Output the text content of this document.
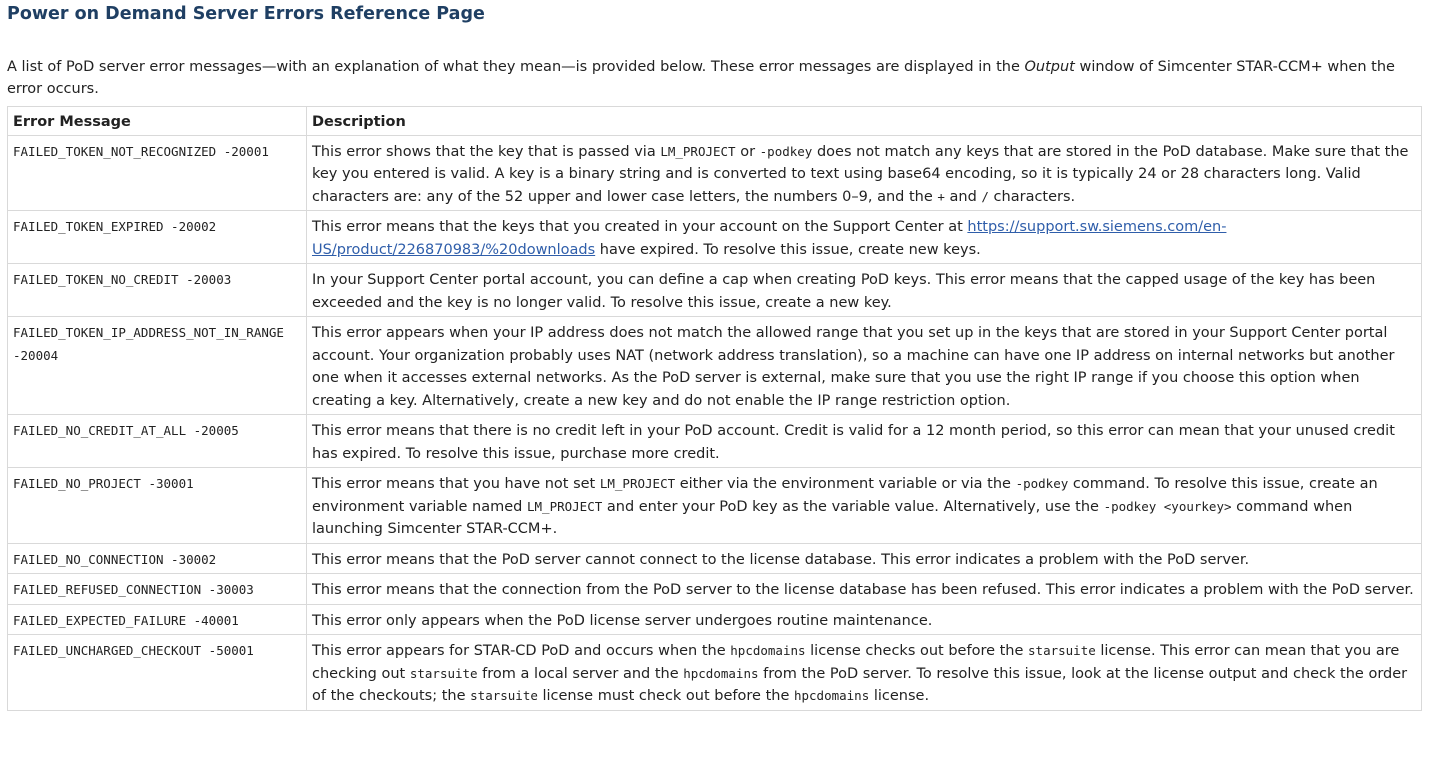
Power on Demand Server Errors Reference Page

A list of PoD server error messages—with an explanation of what they mean—is provided below. These error messages are displayed in the Output window of Simcenter STAR-CCM+ when the error occurs.

Error Message	Description
FAILED_TOKEN_NOT_RECOGNIZED -20001	This error shows that the key that is passed via LM_PROJECT or -podkey does not match any keys that are stored in the PoD database. Make sure that the key you entered is valid. A key is a binary string and is converted to text using base64 encoding, so it is typically 24 or 28 characters long. Valid characters are: any of the 52 upper and lower case letters, the numbers 0–9, and the + and / characters.
FAILED_TOKEN_EXPIRED -20002	This error means that the keys that you created in your account on the Support Center at https://support.sw.siemens.com/en-US/product/226870983/%20downloads have expired. To resolve this issue, create new keys.
FAILED_TOKEN_NO_CREDIT -20003	In your Support Center portal account, you can define a cap when creating PoD keys. This error means that the capped usage of the key has been exceeded and the key is no longer valid. To resolve this issue, create a new key.
FAILED_TOKEN_IP_ADDRESS_NOT_IN_RANGE -20004	This error appears when your IP address does not match the allowed range that you set up in the keys that are stored in your Support Center portal account. Your organization probably uses NAT (network address translation), so a machine can have one IP address on internal networks but another one when it accesses external networks. As the PoD server is external, make sure that you use the right IP range if you choose this option when creating a key. Alternatively, create a new key and do not enable the IP range restriction option.
FAILED_NO_CREDIT_AT_ALL -20005	This error means that there is no credit left in your PoD account. Credit is valid for a 12 month period, so this error can mean that your unused credit has expired. To resolve this issue, purchase more credit.
FAILED_NO_PROJECT -30001	This error means that you have not set LM_PROJECT either via the environment variable or via the -podkey command. To resolve this issue, create an environment variable named LM_PROJECT and enter your PoD key as the variable value. Alternatively, use the -podkey <yourkey> command when launching Simcenter STAR-CCM+.
FAILED_NO_CONNECTION -30002	This error means that the PoD server cannot connect to the license database. This error indicates a problem with the PoD server.
FAILED_REFUSED_CONNECTION -30003	This error means that the connection from the PoD server to the license database has been refused. This error indicates a problem with the PoD server.
FAILED_EXPECTED_FAILURE -40001	This error only appears when the PoD license server undergoes routine maintenance.
FAILED_UNCHARGED_CHECKOUT -50001	This error appears for STAR-CD PoD and occurs when the hpcdomains license checks out before the starsuite license. This error can mean that you are checking out starsuite from a local server and the hpcdomains from the PoD server. To resolve this issue, look at the license output and check the order of the checkouts; the starsuite license must check out before the hpcdomains license.
